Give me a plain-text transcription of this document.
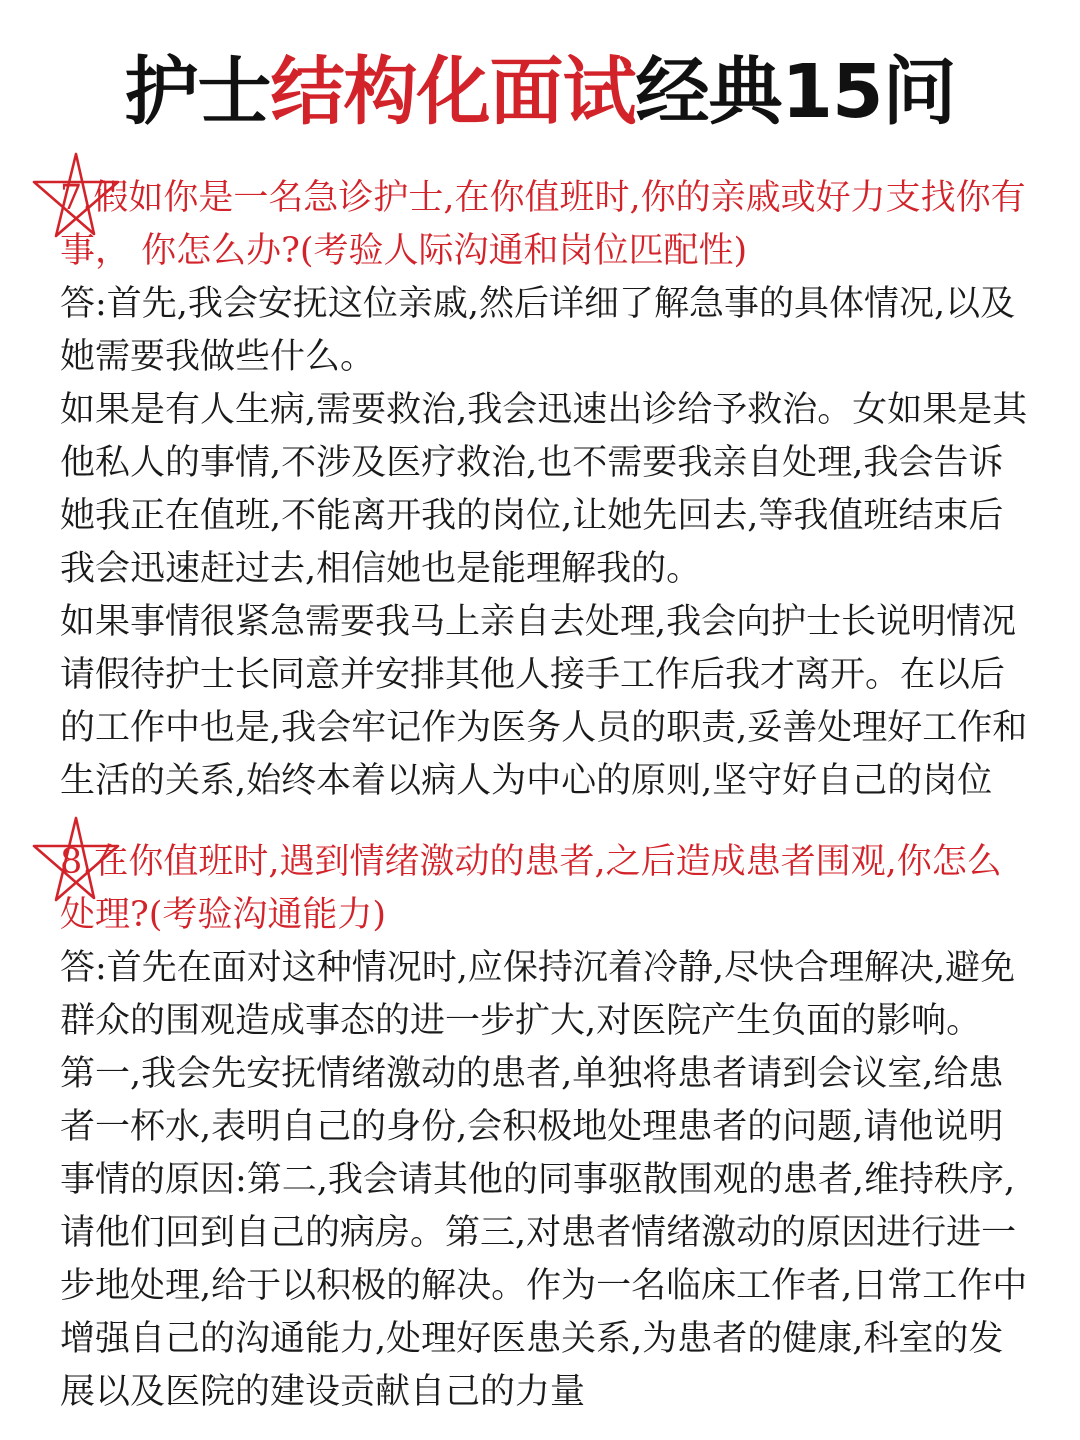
护士结构化面试经典15问

7.假如你是一名急诊护士,在你值班时,你的亲戚或好力支找你有事， 你怎么办?(考验人际沟通和岗位匹配性)

答:首先,我会安抚这位亲戚,然后详细了解急事的具体情况,以及她需要我做些什么。

如果是有人生病,需要救治,我会迅速出诊给予救治。女如果是其他私人的事情,不涉及医疗救治,也不需要我亲自处理,我会告诉她我正在值班,不能离开我的岗位,让她先回去,等我值班结束后我会迅速赶过去,相信她也是能理解我的。

如果事情很紧急需要我马上亲自去处理,我会向护士长说明情况请假待护士长同意并安排其他人接手工作后我才离开。在以后的工作中也是,我会牢记作为医务人员的职责,妥善处理好工作和生活的关系,始终本着以病人为中心的原则,坚守好自己的岗位

8.在你值班时,遇到情绪激动的患者,之后造成患者围观,你怎么处理?(考验沟通能力)

答:首先在面对这种情况时,应保持沉着冷静,尽快合理解决,避免群众的围观造成事态的进一步扩大,对医院产生负面的影响。

第一,我会先安抚情绪激动的患者,单独将患者请到会议室,给患者一杯水,表明自己的身份,会积极地处理患者的问题,请他说明事情的原因:第二,我会请其他的同事驱散围观的患者,维持秩序,请他们回到自己的病房。第三,对患者情绪激动的原因进行进一步地处理,给于以积极的解决。作为一名临床工作者,日常工作中增强自己的沟通能力,处理好医患关系,为患者的健康,科室的发展以及医院的建设贡献自己的力量
